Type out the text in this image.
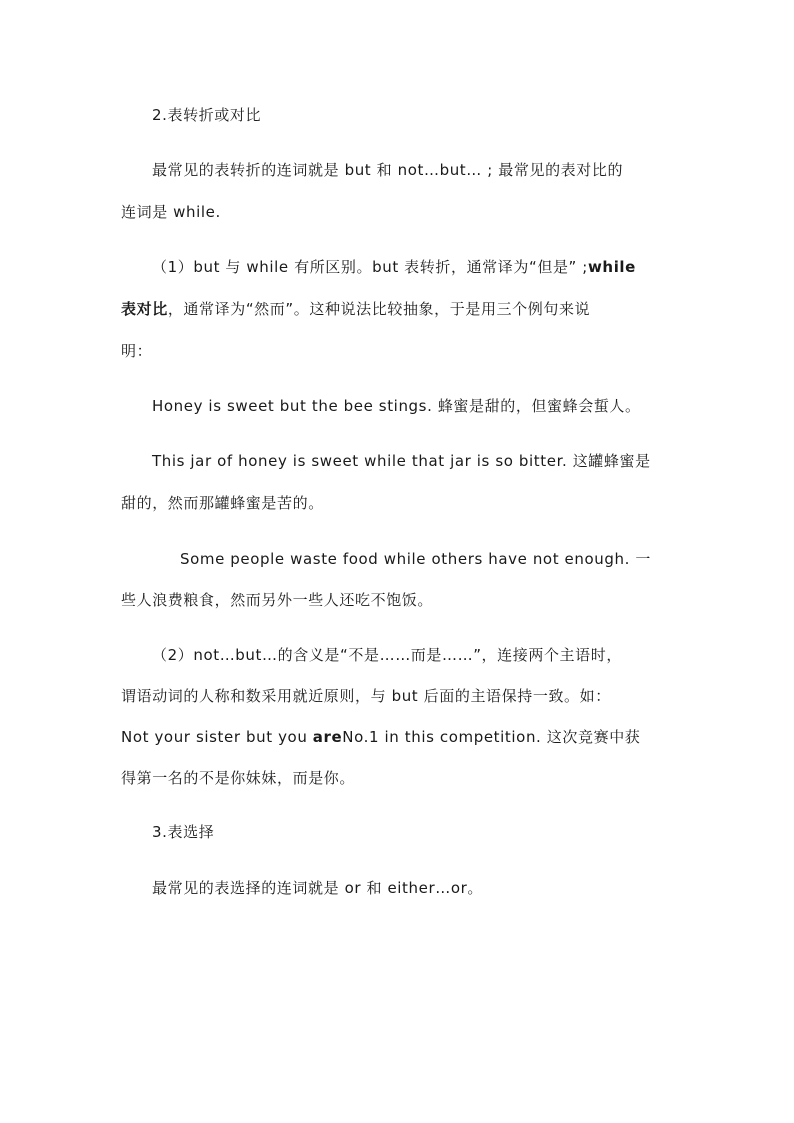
2.表转折或对比
最常见的表转折的连词就是 but 和 not…but… ; 最常见的表对比的
连词是 while.
（1）but 与 while 有所区别。but 表转折，通常译为“但是” ;while
表对比，通常译为“然而”。这种说法比较抽象，于是用三个例句来说
明：
Honey is sweet but the bee stings. 蜂蜜是甜的，但蜜蜂会蜇人。
This jar of honey is sweet while that jar is so bitter. 这罐蜂蜜是
甜的，然而那罐蜂蜜是苦的。
Some people waste food while others have not enough. 一
些人浪费粮食，然而另外一些人还吃不饱饭。
（2）not…but…的含义是“不是……而是……”，连接两个主语时，
谓语动词的人称和数采用就近原则，与 but 后面的主语保持一致。如：
Not your sister but you areNo.1 in this competition. 这次竞赛中获
得第一名的不是你妹妹，而是你。
3.表选择
最常见的表选择的连词就是 or 和 either…or。
